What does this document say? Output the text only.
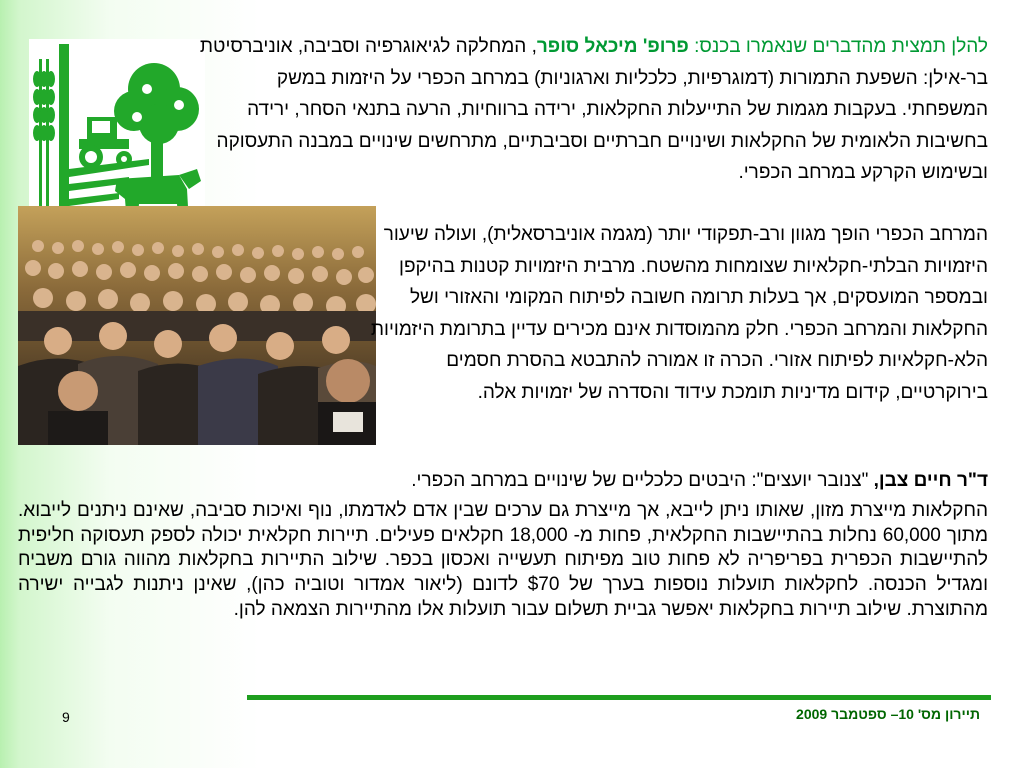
להלן תמצית מהדברים שנאמרו בכנס: פרופ' מיכאל סופר, המחלקה לגיאוגרפיה וסביבה, אוניברסיטת בר-אילן: השפעת התמורות (דמוגרפיות, כלכליות וארגוניות) במרחב הכפרי על היזמות במשק המשפחתי. בעקבות מגמות של התייעלות החקלאות, ירידה ברווחיות, הרעה בתנאי הסחר, ירידה בחשיבות הלאומית של החקלאות ושינויים חברתיים וסביבתיים, מתרחשים שינויים במבנה התעסוקה ובשימוש הקרקע במרחב הכפרי.
המרחב הכפרי הופך מגוון ורב-תפקודי יותר (מגמה אוניברסאלית), ועולה שיעור היזמויות הבלתי-חקלאיות שצומחות מהשטח. מרבית היזמויות קטנות בהיקפן ובמספר המועסקים, אך בעלות תרומה חשובה לפיתוח המקומי והאזורי ושל החקלאות והמרחב הכפרי. חלק מהמוסדות אינם מכירים עדיין בתרומת היזמויות הלא-חקלאיות לפיתוח אזורי. הכרה זו אמורה להתבטא בהסרת חסמים בירוקרטיים, קידום מדיניות תומכת עידוד והסדרה של יזמויות אלה.
ד"ר חיים צבן, "צנובר יועצים": היבטים כלכליים של שינויים במרחב הכפרי.
החקלאות מייצרת מזון, שאותו ניתן לייבא, אך מייצרת גם ערכים שבין אדם לאדמתו, נוף ואיכות סביבה, שאינם ניתנים לייבוא. מתוך 60,000 נחלות בהתיישבות החקלאית, פחות מ- 18,000 חקלאים פעילים. תיירות חקלאית יכולה לספק תעסוקה חליפית להתיישבות הכפרית בפריפריה לא פחות טוב מפיתוח תעשייה ואכסון בכפר. שילוב התיירות בחקלאות מהווה גורם משביח ומגדיל הכנסה. לחקלאות תועלות נוספות בערך של $70 לדונם (ליאור אמדור וטוביה כהן), שאינן ניתנות לגבייה ישירה מהתוצרת. שילוב תיירות בחקלאות יאפשר גביית תשלום עבור תועלות אלו מהתיירות הצמאה להן.
תיירון מס' 10– ספטמבר 2009
9
